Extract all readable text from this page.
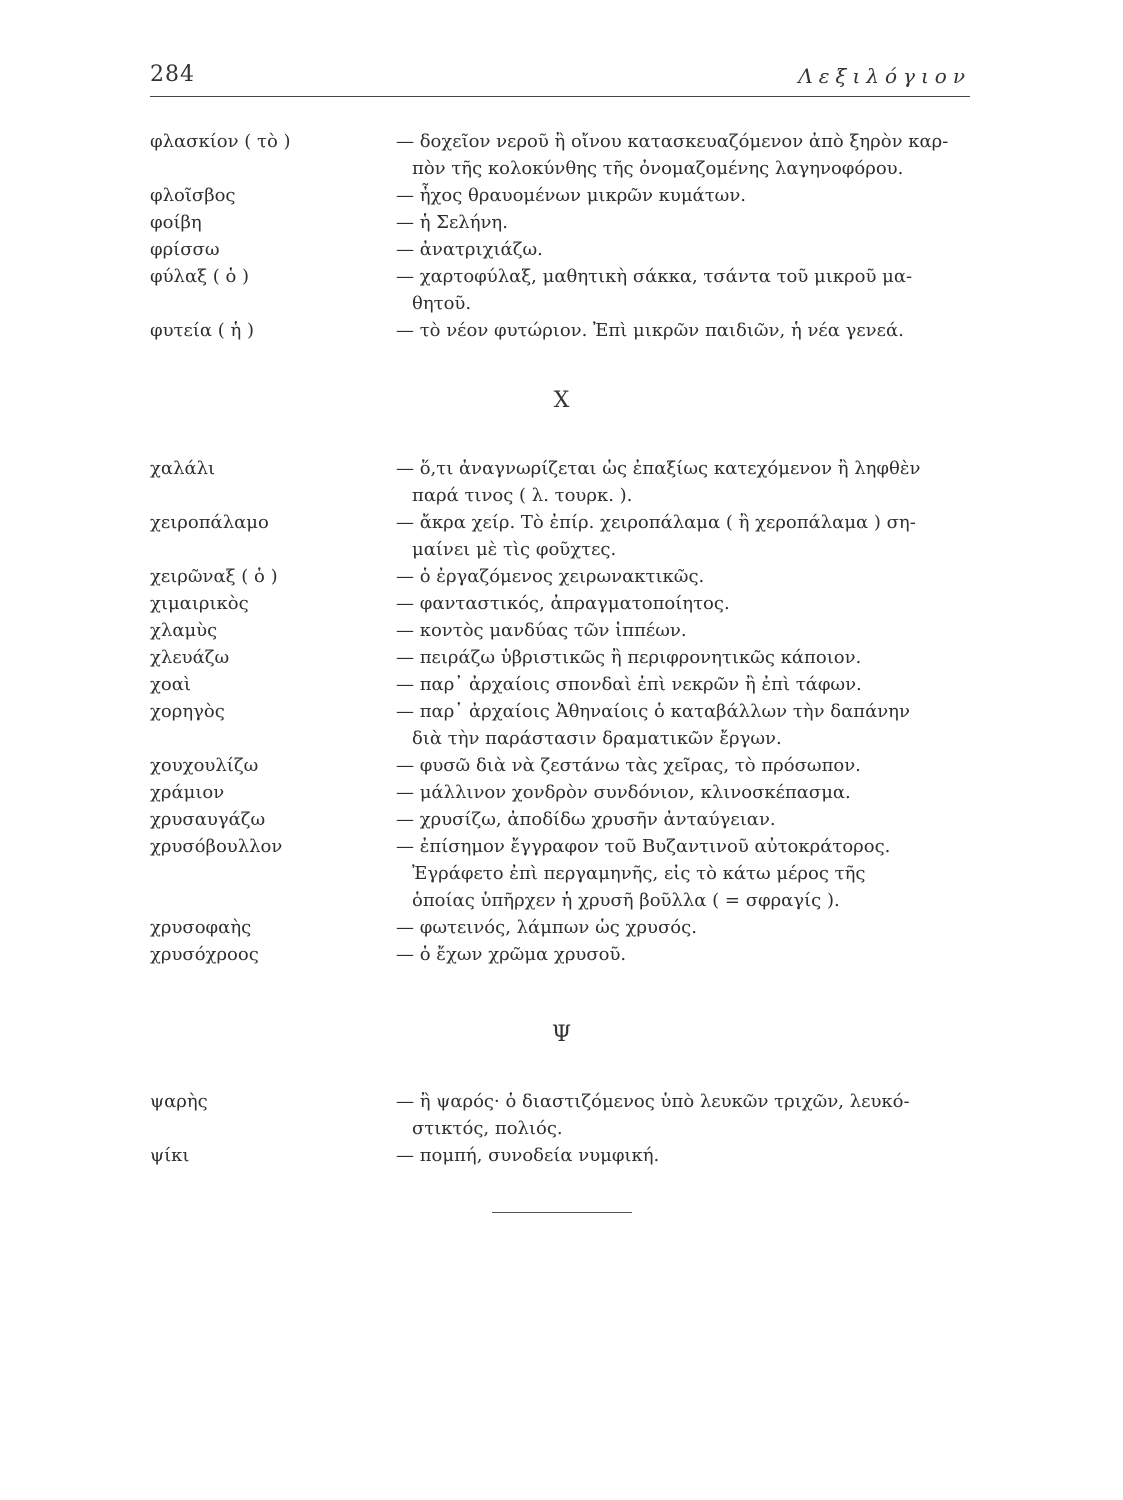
284	Λεξιλόγιον
φλασκίον ( τὸ )	— δοχεῖον νεροῦ ἢ οἴνου κατασκευαζόμενον ἀπὸ ξηρὸν καρ-
πὸν τῆς κολοκύνθης τῆς ὀνομαζομένης λαγηνοφόρου.
φλοῖσβος	— ἦχος θραυομένων μικρῶν κυμάτων.
φοίβη	— ἡ Σελήνη.
φρίσσω	— ἀνατριχιάζω.
φύλαξ ( ὁ )	— χαρτοφύλαξ, μαθητικὴ σάκκα, τσάντα τοῦ μικροῦ μα-
θητοῦ.
φυτεία ( ἡ )	— τὸ νέον φυτώριον. Ἐπὶ μικρῶν παιδιῶν, ἡ νέα γενεά.
Χ
χαλάλι	— ὅ,τι ἀναγνωρίζεται ὡς ἐπαξίως κατεχόμενον ἢ ληφθὲν
παρά τινος ( λ. τουρκ. ).
χειροπάλαμο	— ἄκρα χείρ. Τὸ ἐπίρ. χειροπάλαμα ( ἢ χεροπάλαμα ) ση-
μαίνει μὲ τὶς φοῦχτες.
χειρῶναξ ( ὁ )	— ὁ ἐργαζόμενος χειρωνακτικῶς.
χιμαιρικὸς	— φανταστικός, ἀπραγματοποίητος.
χλαμὺς	— κοντὸς μανδύας τῶν ἱππέων.
χλευάζω	— πειράζω ὑβριστικῶς ἢ περιφρονητικῶς κάποιον.
χοαὶ	— παρ᾽ ἀρχαίοις σπονδαὶ ἐπὶ νεκρῶν ἢ ἐπὶ τάφων.
χορηγὸς	— παρ᾽ ἀρχαίοις Ἀθηναίοις ὁ καταβάλλων τὴν δαπάνην
διὰ τὴν παράστασιν δραματικῶν ἔργων.
χουχουλίζω	— φυσῶ διὰ νὰ ζεστάνω τὰς χεῖρας, τὸ πρόσωπον.
χράμιον	— μάλλινον χονδρὸν συνδόνιον, κλινοσκέπασμα.
χρυσαυγάζω	— χρυσίζω, ἀποδίδω χρυσῆν ἀνταύγειαν.
χρυσόβουλλον	— ἐπίσημον ἔγγραφον τοῦ Βυζαντινοῦ αὐτοκράτορος.
Ἐγράφετο ἐπὶ περγαμηνῆς, εἰς τὸ κάτω μέρος τῆς
ὁποίας ὑπῆρχεν ἡ χρυσῆ βοῦλλα ( = σφραγίς ).
χρυσοφαὴς	— φωτεινός, λάμπων ὡς χρυσός.
χρυσόχροος	— ὁ ἔχων χρῶμα χρυσοῦ.
Ψ
ψαρὴς	— ἢ ψαρός· ὁ διαστιζόμενος ὑπὸ λευκῶν τριχῶν, λευκό-
στικτός, πολιός.
ψίκι	— πομπή, συνοδεία νυμφική.
